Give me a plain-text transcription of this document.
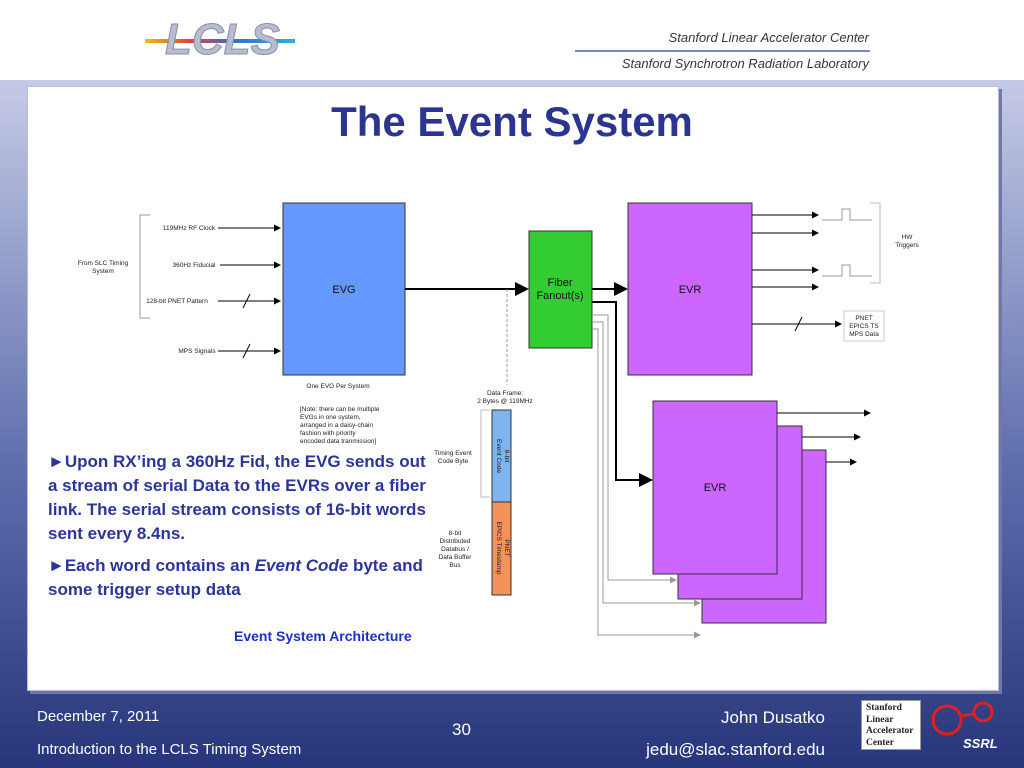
LCLS	Stanford Linear Accelerator Center
Stanford Synchrotron Radiation Laboratory
The Event System
From SLC Timing
System
119MHz RF Clock
360Hz Fiducial
128-bit PNET Pattern
MPS Signals
EVG
One EVG Per System
[Note: there can be multiple
EVGs in one system,
arranged in a daisy-chain
fashion with priority
encoded data tranmission]
Fiber
Fanout(s)	EVR
HW
Triggers
PNET
EPICS TS
MPS Data
Data Frame:
2 Bytes @ 119MHz
8-bit
Event Code
PNET
EPICS Timestamp
Timing Event
Code Byte
8-bit
Distributed
Databus /
Data Buffer
Bus
EVR

►Upon RX’ing a 360Hz Fid, the EVG sends out a stream of serial Data to the EVRs over a fiber link. The serial stream consists of 16-bit words sent every 8.4ns.

►Each word contains an Event Code byte and some trigger setup data

Event System Architecture
December 7, 2011
Introduction to the LCLS Timing System
30
John Dusatko
jedu@slac.stanford.edu
Stanford
Linear
Accelerator
Center	SSRL
